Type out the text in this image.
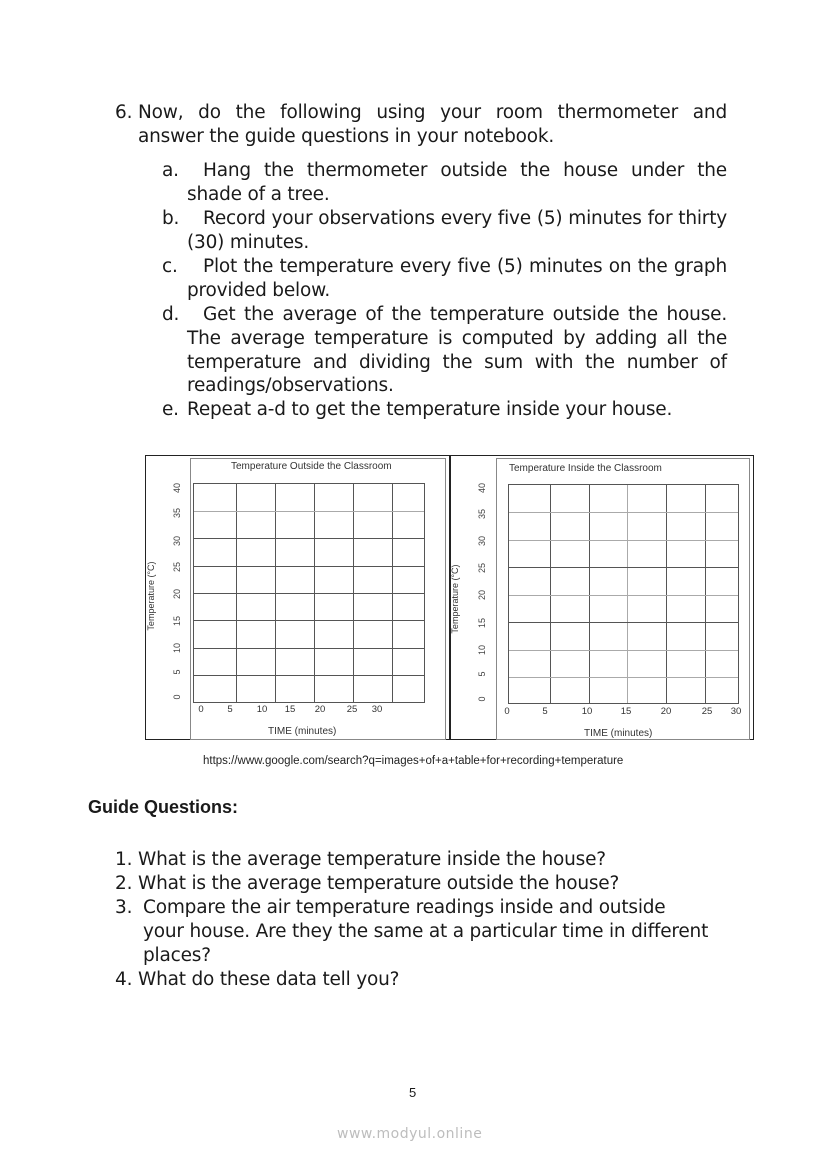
6. Now, do the following using your room thermometer and
answer the guide questions in your notebook.
a. Hang the thermometer outside the house under the
shade of a tree.
b. Record your observations every five (5) minutes for thirty
(30) minutes.
c. Plot the temperature every five (5) minutes on the graph
provided below.
d. Get the average of the temperature outside the house.
The average temperature is computed by adding all the
temperature and dividing the sum with the number of
readings/observations.
e. Repeat a-d to get the temperature inside your house.
Temperature Outside the Classroom
Temperature (°C)
0
5
10
15
20
25
30
35
40
0	5	10	15	20	25	30
TIME (minutes)
Temperature Inside the Classroom
Temperature (°C)
0
5
10
15
20
25
30
35
40
0	5	10	15	20	25	30
TIME (minutes)
https://www.google.com/search?q=images+of+a+table+for+recording+temperature
Guide Questions:
1. What is the average temperature inside the house?
2. What is the average temperature outside the house?
3. Compare the air temperature readings inside and outside
your house. Are they the same at a particular time in different
places?
4. What do these data tell you?
5
www.modyul.online
